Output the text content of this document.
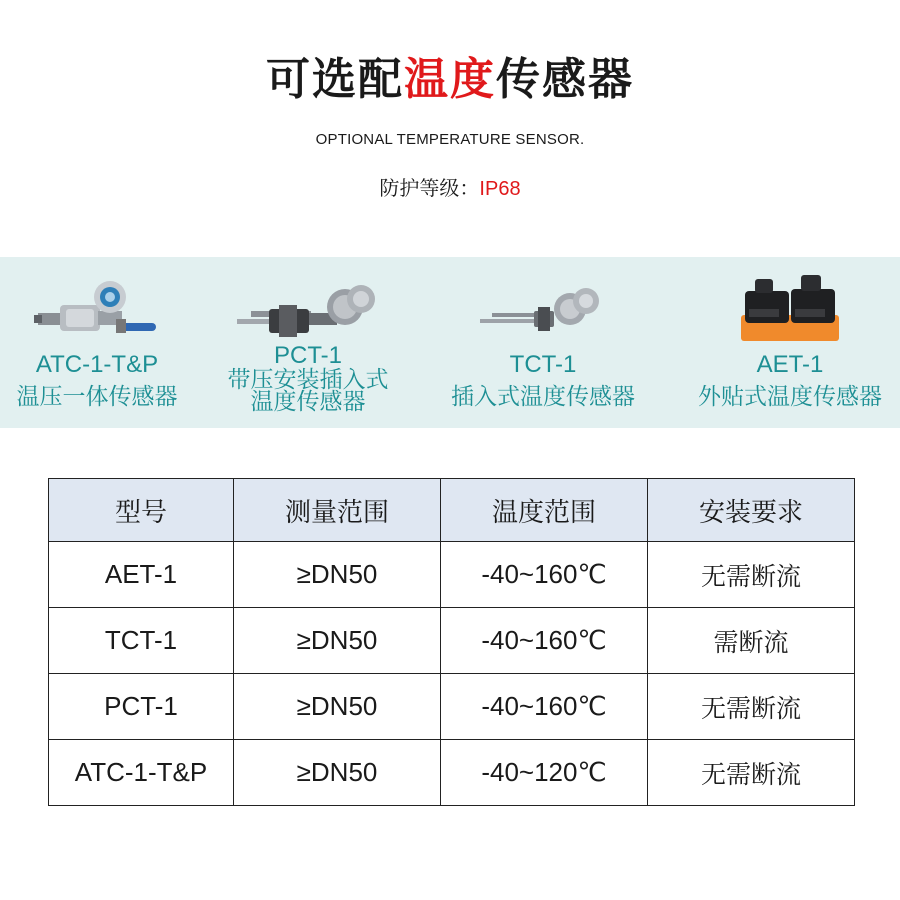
可选配温度传感器
OPTIONAL TEMPERATURE SENSOR.
防护等级：IP68
ATC-1-T&P
温压一体传感器
PCT-1
带压安装插入式
温度传感器
TCT-1
插入式温度传感器
AET-1
外贴式温度传感器
型号	测量范围	温度范围	安装要求
AET-1	≥DN50	-40~160℃	无需断流
TCT-1	≥DN50	-40~160℃	需断流
PCT-1	≥DN50	-40~160℃	无需断流
ATC-1-T&P	≥DN50	-40~120℃	无需断流
